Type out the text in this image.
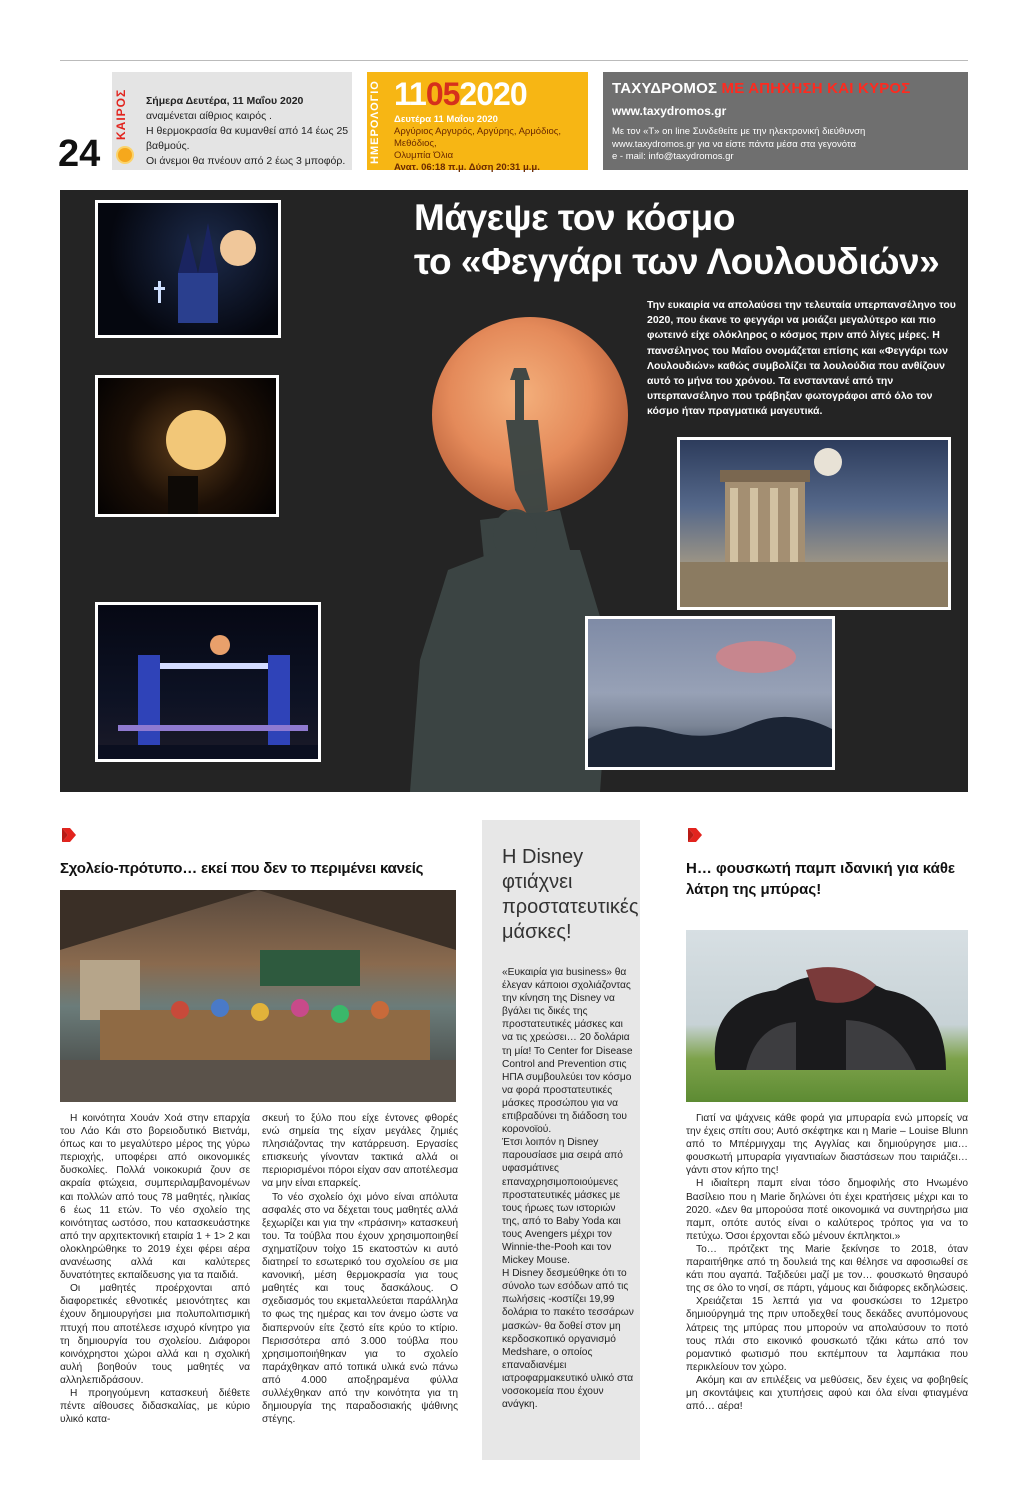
24
ΚΑΙΡΟΣ	Σήμερα Δευτέρα, 11 Μαΐου 2020
αναμένεται αίθριος καιρός .
Η θερμοκρασία θα κυμανθεί από 14 έως 25 βαθμούς.
Οι άνεμοι θα πνέουν από 2 έως 3 μποφόρ.	ΗΜΕΡΟΛΟΓΙΟ 11052020
Δευτέρα 11 Μαΐου 2020
Αργύριος Αργυρός, Αργύρης, Αρμόδιος, Μεθόδιος,
Ολυμπία Όλια
Ανατ. 06:18 π.μ. Δύση 20:31 μ.μ.
ΤΑΧΥΔΡΟΜΟΣ ΜΕ ΑΠΗΧΗΣΗ ΚΑΙ ΚΥΡΟΣ
www.taxydromos.gr
Με τον «Τ» on line Συνδεθείτε με την ηλεκτρονική διεύθυνση
www.taxydromos.gr για να είστε πάντα μέσα στα γεγονότα
e - mail: info@taxydromos.gr
Μάγεψε τον κόσμο
το «Φεγγάρι των Λουλουδιών»
Την ευκαιρία να απολαύσει την τελευταία υπερπανσέληνο του 2020, που έκανε το φεγγάρι να μοιάζει μεγαλύτερο και πιο φωτεινό είχε ολόκληρος ο κόσμος πριν από λίγες μέρες. Η πανσέληνος του Μαΐου ονομάζεται επίσης και «Φεγγάρι των Λουλουδιών» καθώς συμβολίζει τα λουλούδια που ανθίζουν αυτό το μήνα του χρόνου. Τα ενσταντανέ από την υπερπανσέληνο που τράβηξαν φωτογράφοι από όλο τον κόσμο ήταν πραγματικά μαγευτικά.
Σχολείο-πρότυπο… εκεί που δεν το περιμένει κανείς

Η κοινότητα Χουάν Χοά στην επαρχία του Λάο Κάι στο βορειοδυτικό Βιετνάμ, όπως και το μεγαλύτερο μέρος της γύρω περιοχής, υποφέρει από οικονομικές δυσκολίες. Πολλά νοικοκυριά ζουν σε ακραία φτώχεια, συμπεριλαμβανομένων και πολλών από τους 78 μαθητές, ηλικίας 6 έως 11 ετών. Το νέο σχολείο της κοινότητας ωστόσο, που κατασκευάστηκε από την αρχιτεκτονική εταιρία 1 + 1> 2 και ολοκληρώθηκε το 2019 έχει φέρει αέρα ανανέωσης αλλά και καλύτερες δυνατότητες εκπαίδευσης για τα παιδιά.

Οι μαθητές προέρχονται από διαφορετικές εθνοτικές μειονότητες και έχουν δημιουργήσει μια πολυπολιτισμική πτυχή που αποτέλεσε ισχυρό κίνητρο για τη δημιουργία του σχολείου. Διάφοροι κοινόχρηστοι χώροι αλλά και η σχολική αυλή βοηθούν τους μαθητές να αλληλεπιδράσουν.

Η προηγούμενη κατασκευή διέθετε πέντε αίθουσες διδασκαλίας, με κύριο υλικό κατα-

σκευή το ξύλο που είχε έντονες φθορές ενώ σημεία της είχαν μεγάλες ζημιές πλησιάζοντας την κατάρρευση. Εργασίες επισκευής γίνονταν τακτικά αλλά οι περιορισμένοι πόροι είχαν σαν αποτέλεσμα να μην είναι επαρκείς.

Το νέο σχολείο όχι μόνο είναι απόλυτα ασφαλές στο να δέχεται τους μαθητές αλλά ξεχωρίζει και για την «πράσινη» κατασκευή του. Τα τούβλα που έχουν χρησιμοποιηθεί σχηματίζουν τοίχο 15 εκατοστών κι αυτό διατηρεί το εσωτερικό του σχολείου σε μια κανονική, μέση θερμοκρασία για τους μαθητές και τους δασκάλους. Ο σχεδιασμός του εκμεταλλεύεται παράλληλα το φως της ημέρας και τον άνεμο ώστε να διαπερνούν είτε ζεστό είτε κρύο το κτίριο. Περισσότερα από 3.000 τούβλα που χρησιμοποιήθηκαν για το σχολείο παράχθηκαν από τοπικά υλικά ενώ πάνω από 4.000 αποξηραμένα φύλλα συλλέχθηκαν από την κοινότητα για τη δημιουργία της παραδοσιακής ψάθινης στέγης.

Η Disney φτιάχνει προστατευτικές μάσκες!
«Ευκαιρία για business» θα έλεγαν κάποιοι σχολιάζοντας την κίνηση της Disney να βγάλει τις δικές της προστατευτικές μάσκες και να τις χρεώσει… 20 δολάρια τη μία! Το Center for Disease Control and Prevention στις ΗΠΑ συμβουλεύει τον κόσμο να φορά προστατευτικές μάσκες προσώπου για να επιβραδύνει τη διάδοση του κορονοϊού.
Έτσι λοιπόν η Disney παρουσίασε μια σειρά από υφασμάτινες επαναχρησιμοποιούμενες προστατευτικές μάσκες με τους ήρωες των ιστοριών της, από το Baby Yoda και τους Avengers μέχρι τον Winnie-the-Pooh και τον Mickey Mouse.
Η Disney δεσμεύθηκε ότι το σύνολο των εσόδων από τις πωλήσεις -κοστίζει 19,99 δολάρια το πακέτο τεσσάρων μασκών- θα δοθεί στον μη κερδοσκοπικό οργανισμό Medshare, ο οποίος επαναδιανέμει ιατροφαρμακευτικό υλικό στα νοσοκομεία που έχουν ανάγκη.
Η… φουσκωτή παμπ ιδανική για κάθε λάτρη της μπύρας!

Γιατί να ψάχνεις κάθε φορά για μπυραρία ενώ μπορείς να την έχεις σπίτι σου; Αυτό σκέφτηκε και η Marie – Louise Blunn από το Μπέρμιγχαμ της Αγγλίας και δημιούργησε μια… φουσκωτή μπυραρία γιγαντιαίων διαστάσεων που ταιριάζει… γάντι στον κήπο της!

Η ιδιαίτερη παμπ είναι τόσο δημοφιλής στο Ηνωμένο Βασίλειο που η Marie δηλώνει ότι έχει κρατήσεις μέχρι και το 2020. «Δεν θα μπορούσα ποτέ οικονομικά να συντηρήσω μια παμπ, οπότε αυτός είναι ο καλύτερος τρόπος για να το πετύχω. Όσοι έρχονται εδώ μένουν έκπληκτοι.»

Το… πρότζεκτ της Marie ξεκίνησε το 2018, όταν παραιτήθηκε από τη δουλειά της και θέλησε να αφοσιωθεί σε κάτι που αγαπά. Ταξιδεύει μαζί με τον… φουσκωτό θησαυρό της σε όλο το νησί, σε πάρτι, γάμους και διάφορες εκδηλώσεις.

Χρειάζεται 15 λεπτά για να φουσκώσει το 12μετρο δημιούργημά της πριν υποδεχθεί τους δεκάδες ανυπόμονους λάτρεις της μπύρας που μπορούν να απολαύσουν το ποτό τους πλάι στο εικονικό φουσκωτό τζάκι κάτω από τον ρομαντικό φωτισμό που εκπέμπουν τα λαμπάκια που περικλείουν τον χώρο.

Ακόμη και αν επιλέξεις να μεθύσεις, δεν έχεις να φοβηθείς μη σκοντάψεις και χτυπήσεις αφού και όλα είναι φτιαγμένα από… αέρα!
